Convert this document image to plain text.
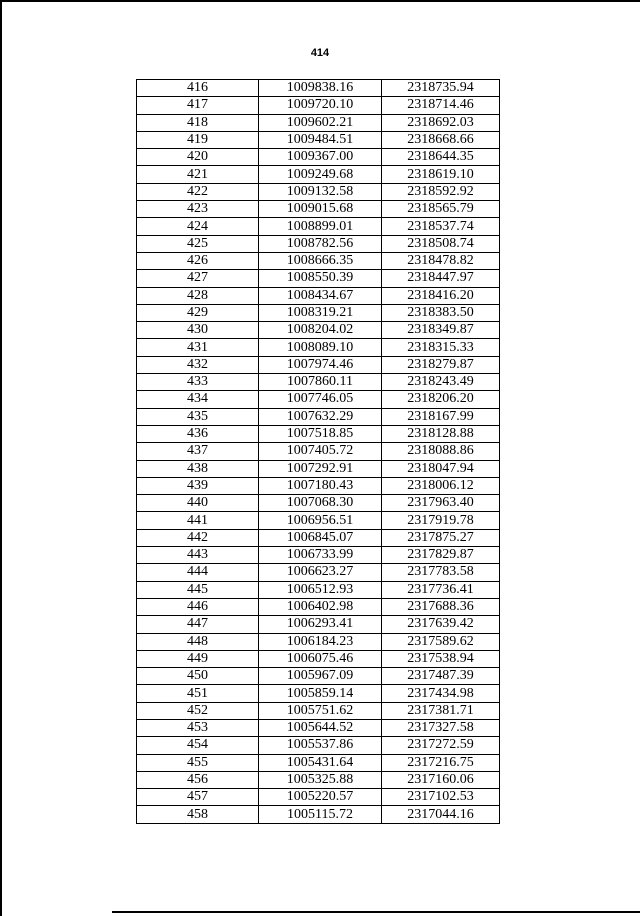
414
416	1009838.16	2318735.94
417	1009720.10	2318714.46
418	1009602.21	2318692.03
419	1009484.51	2318668.66
420	1009367.00	2318644.35
421	1009249.68	2318619.10
422	1009132.58	2318592.92
423	1009015.68	2318565.79
424	1008899.01	2318537.74
425	1008782.56	2318508.74
426	1008666.35	2318478.82
427	1008550.39	2318447.97
428	1008434.67	2318416.20
429	1008319.21	2318383.50
430	1008204.02	2318349.87
431	1008089.10	2318315.33
432	1007974.46	2318279.87
433	1007860.11	2318243.49
434	1007746.05	2318206.20
435	1007632.29	2318167.99
436	1007518.85	2318128.88
437	1007405.72	2318088.86
438	1007292.91	2318047.94
439	1007180.43	2318006.12
440	1007068.30	2317963.40
441	1006956.51	2317919.78
442	1006845.07	2317875.27
443	1006733.99	2317829.87
444	1006623.27	2317783.58
445	1006512.93	2317736.41
446	1006402.98	2317688.36
447	1006293.41	2317639.42
448	1006184.23	2317589.62
449	1006075.46	2317538.94
450	1005967.09	2317487.39
451	1005859.14	2317434.98
452	1005751.62	2317381.71
453	1005644.52	2317327.58
454	1005537.86	2317272.59
455	1005431.64	2317216.75
456	1005325.88	2317160.06
457	1005220.57	2317102.53
458	1005115.72	2317044.16
